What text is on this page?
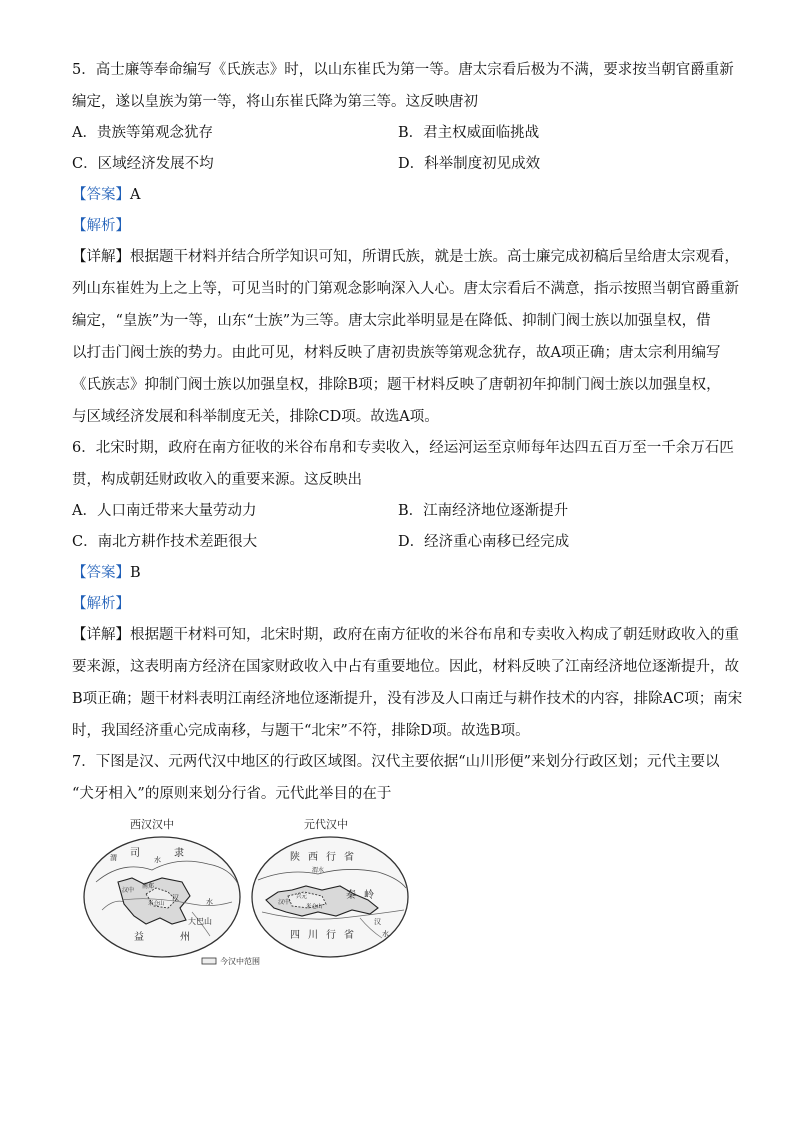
5．高士廉等奉命编写《氏族志》时，以山东崔氏为第一等。唐太宗看后极为不满，要求按当朝官爵重新

编定，遂以皇族为第一等，将山东崔氏降为第三等。这反映唐初

A．贵族等第观念犹存	B．君主权威面临挑战
C．区域经济发展不均	D．科举制度初见成效
【答案】A
【解析】

【详解】根据题干材料并结合所学知识可知，所谓氏族，就是士族。高士廉完成初稿后呈给唐太宗观看，

列山东崔姓为上之上等，可见当时的门第观念影响深入人心。唐太宗看后不满意，指示按照当朝官爵重新

编定，“皇族”为一等，山东“士族”为三等。唐太宗此举明显是在降低、抑制门阀士族以加强皇权，借

以打击门阀士族的势力。由此可见，材料反映了唐初贵族等第观念犹存，故A项正确；唐太宗利用编写

《氏族志》抑制门阀士族以加强皇权，排除B项；题干材料反映了唐朝初年抑制门阀士族以加强皇权，

与区域经济发展和科举制度无关，排除CD项。故选A项。

6．北宋时期，政府在南方征收的米谷布帛和专卖收入，经运河运至京师每年达四五百万至一千余万石匹

贯，构成朝廷财政收入的重要来源。这反映出

A．人口南迁带来大量劳动力	B．江南经济地位逐渐提升
C．南北方耕作技术差距很大	D．经济重心南移已经完成
【答案】B
【解析】

【详解】根据题干材料可知，北宋时期，政府在南方征收的米谷布帛和专卖收入构成了朝廷财政收入的重

要来源，这表明南方经济在国家财政收入中占有重要地位。因此，材料反映了江南经济地位逐渐提升，故

B项正确；题干材料表明江南经济地位逐渐提升，没有涉及人口南迁与耕作技术的内容，排除AC项；南宋

时，我国经济重心完成南移，与题干“北宋”不符，排除D项。故选B项。

7．下图是汉、元两代汉中地区的行政区域图。汉代主要依据“山川形便”来划分行政区划；元代主要以

“犬牙相入”的原则来划分行省。元代此举目的在于

西汉汉中	元代汉中
司	隶
渭	水
南郑
汉	水
米仓山
大巴山
益	州
汉中
陕 西 行 省
渭水
秦 岭
汉中
兴元
米仓山
四 川 行 省
汉
水
今汉中范围
